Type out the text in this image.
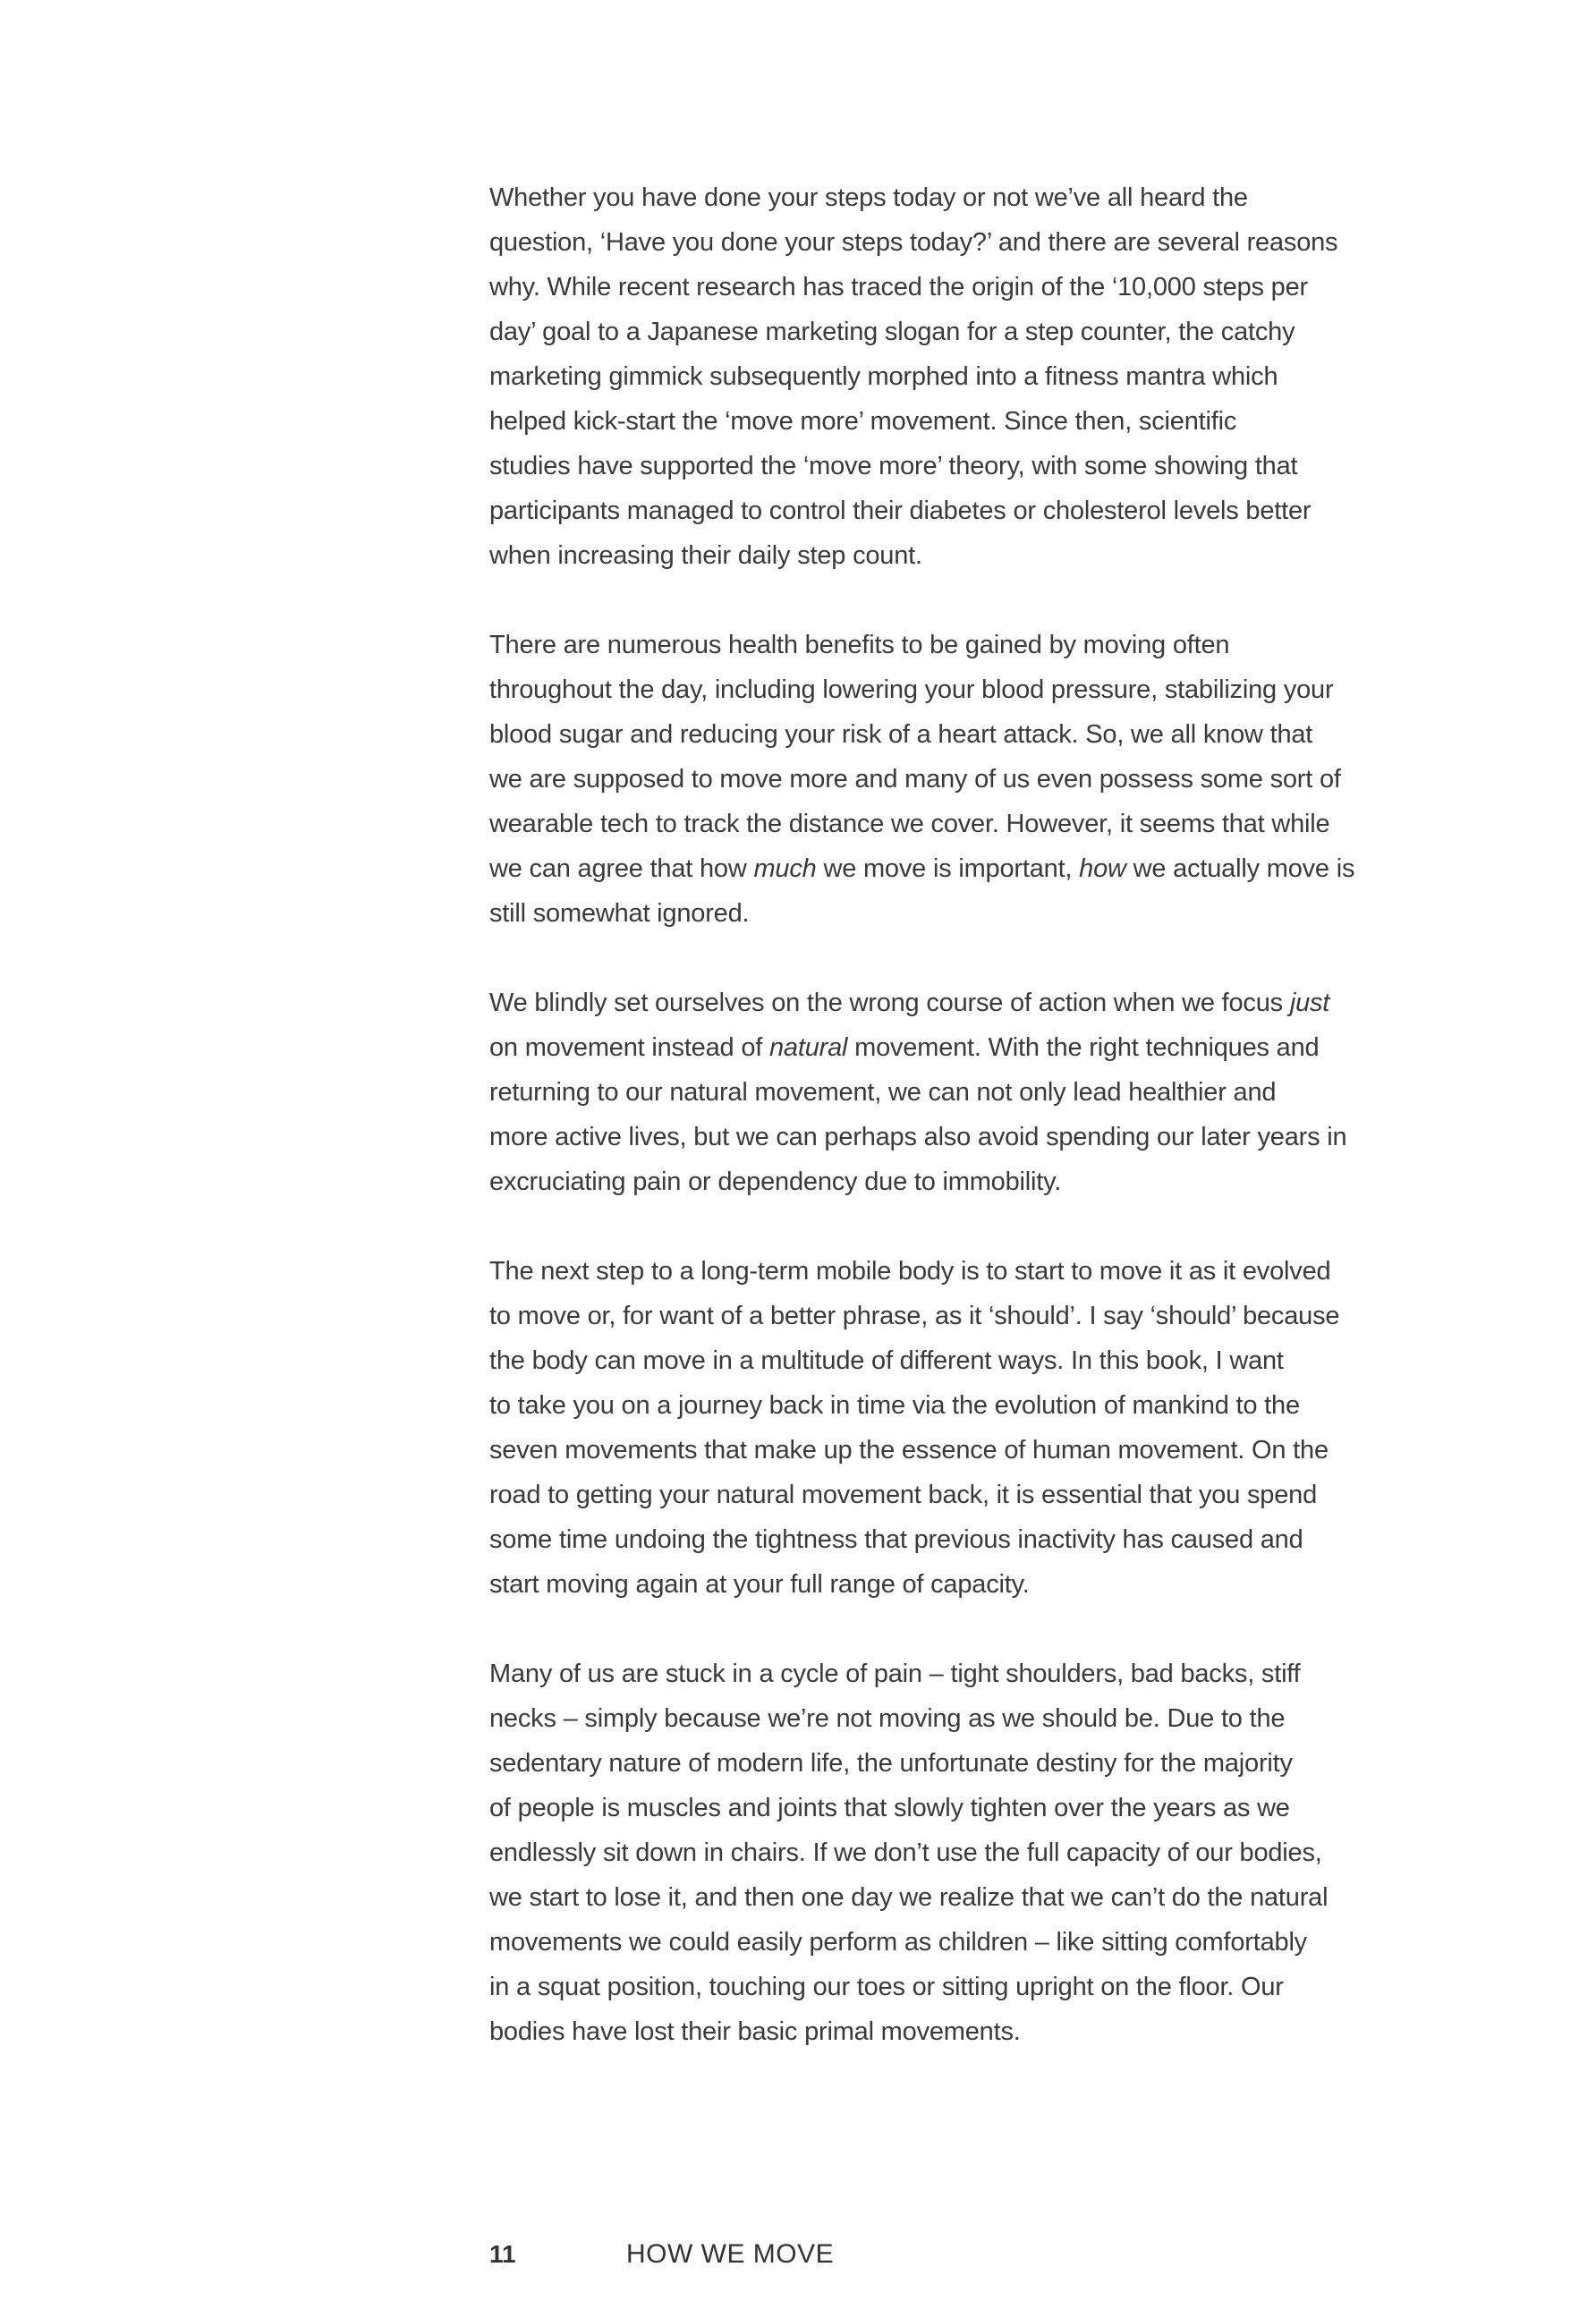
Whether you have done your steps today or not we’ve all heard the
question, ‘Have you done your steps today?’ and there are several reasons
why. While recent research has traced the origin of the ‘10,000 steps per
day’ goal to a Japanese marketing slogan for a step counter, the catchy
marketing gimmick subsequently morphed into a fitness mantra which
helped kick-start the ‘move more’ movement. Since then, scientific
studies have supported the ‘move more’ theory, with some showing that
participants managed to control their diabetes or cholesterol levels better
when increasing their daily step count.
There are numerous health benefits to be gained by moving often
throughout the day, including lowering your blood pressure, stabilizing your
blood sugar and reducing your risk of a heart attack. So, we all know that
we are supposed to move more and many of us even possess some sort of
wearable tech to track the distance we cover. However, it seems that while
we can agree that how much we move is important, how we actually move is
still somewhat ignored.
We blindly set ourselves on the wrong course of action when we focus just
on movement instead of natural movement. With the right techniques and
returning to our natural movement, we can not only lead healthier and
more active lives, but we can perhaps also avoid spending our later years in
excruciating pain or dependency due to immobility.
The next step to a long-term mobile body is to start to move it as it evolved
to move or, for want of a better phrase, as it ‘should’. I say ‘should’ because
the body can move in a multitude of different ways. In this book, I want
to take you on a journey back in time via the evolution of mankind to the
seven movements that make up the essence of human movement. On the
road to getting your natural movement back, it is essential that you spend
some time undoing the tightness that previous inactivity has caused and
start moving again at your full range of capacity.
Many of us are stuck in a cycle of pain – tight shoulders, bad backs, stiff
necks – simply because we’re not moving as we should be. Due to the
sedentary nature of modern life, the unfortunate destiny for the majority
of people is muscles and joints that slowly tighten over the years as we
endlessly sit down in chairs. If we don’t use the full capacity of our bodies,
we start to lose it, and then one day we realize that we can’t do the natural
movements we could easily perform as children – like sitting comfortably
in a squat position, touching our toes or sitting upright on the floor. Our
bodies have lost their basic primal movements.
11	HOW WE MOVE
